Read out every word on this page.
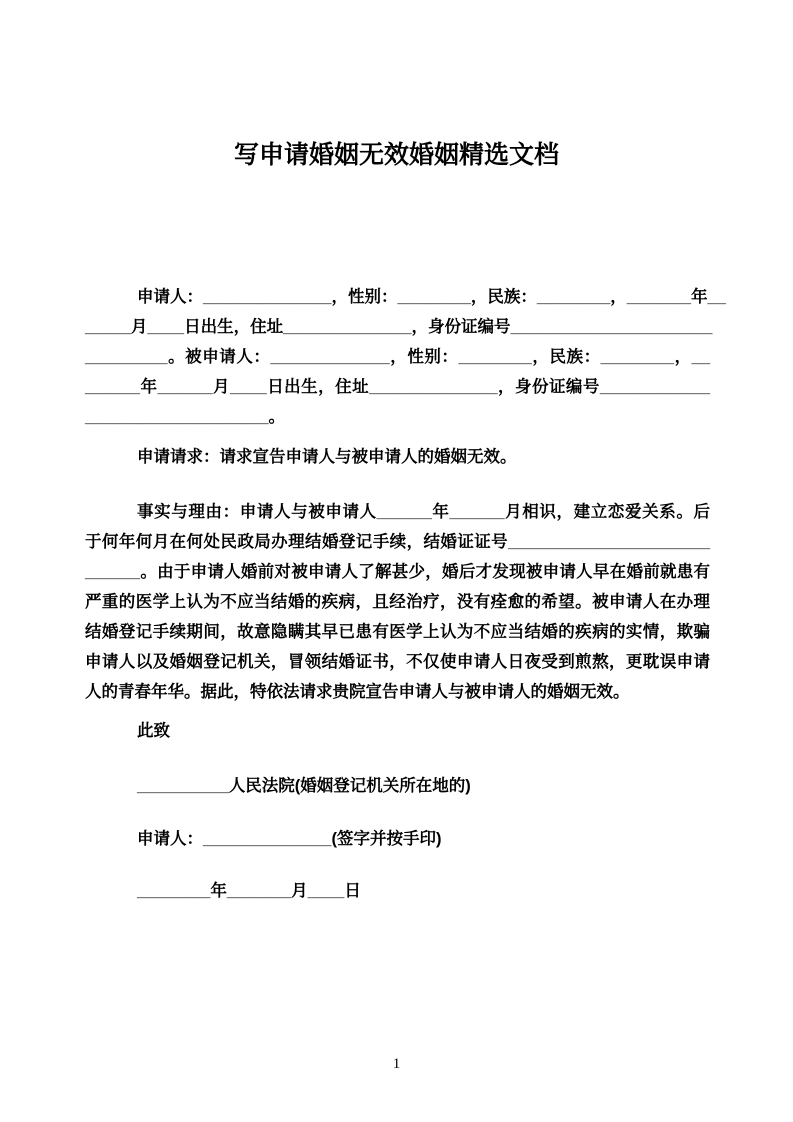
写申请婚姻无效婚姻精选文档
申请人：______________，性别：________，民族：________，_______年__
_____月____日出生，住址______________，身份证编号______________________
_________。被申请人：_____________，性别：________，民族：________，__
______年______月____日出生，住址______________，身份证编号____________
____________________。
申请请求：请求宣告申请人与被申请人的婚姻无效。
事实与理由：申请人与被申请人______年______月相识，建立恋爱关系。后
于何年何月在何处民政局办理结婚登记手续，结婚证证号______________________
______。由于申请人婚前对被申请人了解甚少，婚后才发现被申请人早在婚前就患有
严重的医学上认为不应当结婚的疾病，且经治疗，没有痊愈的希望。被申请人在办理
结婚登记手续期间，故意隐瞒其早已患有医学上认为不应当结婚的疾病的实情，欺骗
申请人以及婚姻登记机关，冒领结婚证书，不仅使申请人日夜受到煎熬，更耽误申请
人的青春年华。据此，特依法请求贵院宣告申请人与被申请人的婚姻无效。
此致
__________人民法院(婚姻登记机关所在地的)
申请人：______________(签字并按手印)
________年_______月____日
1
